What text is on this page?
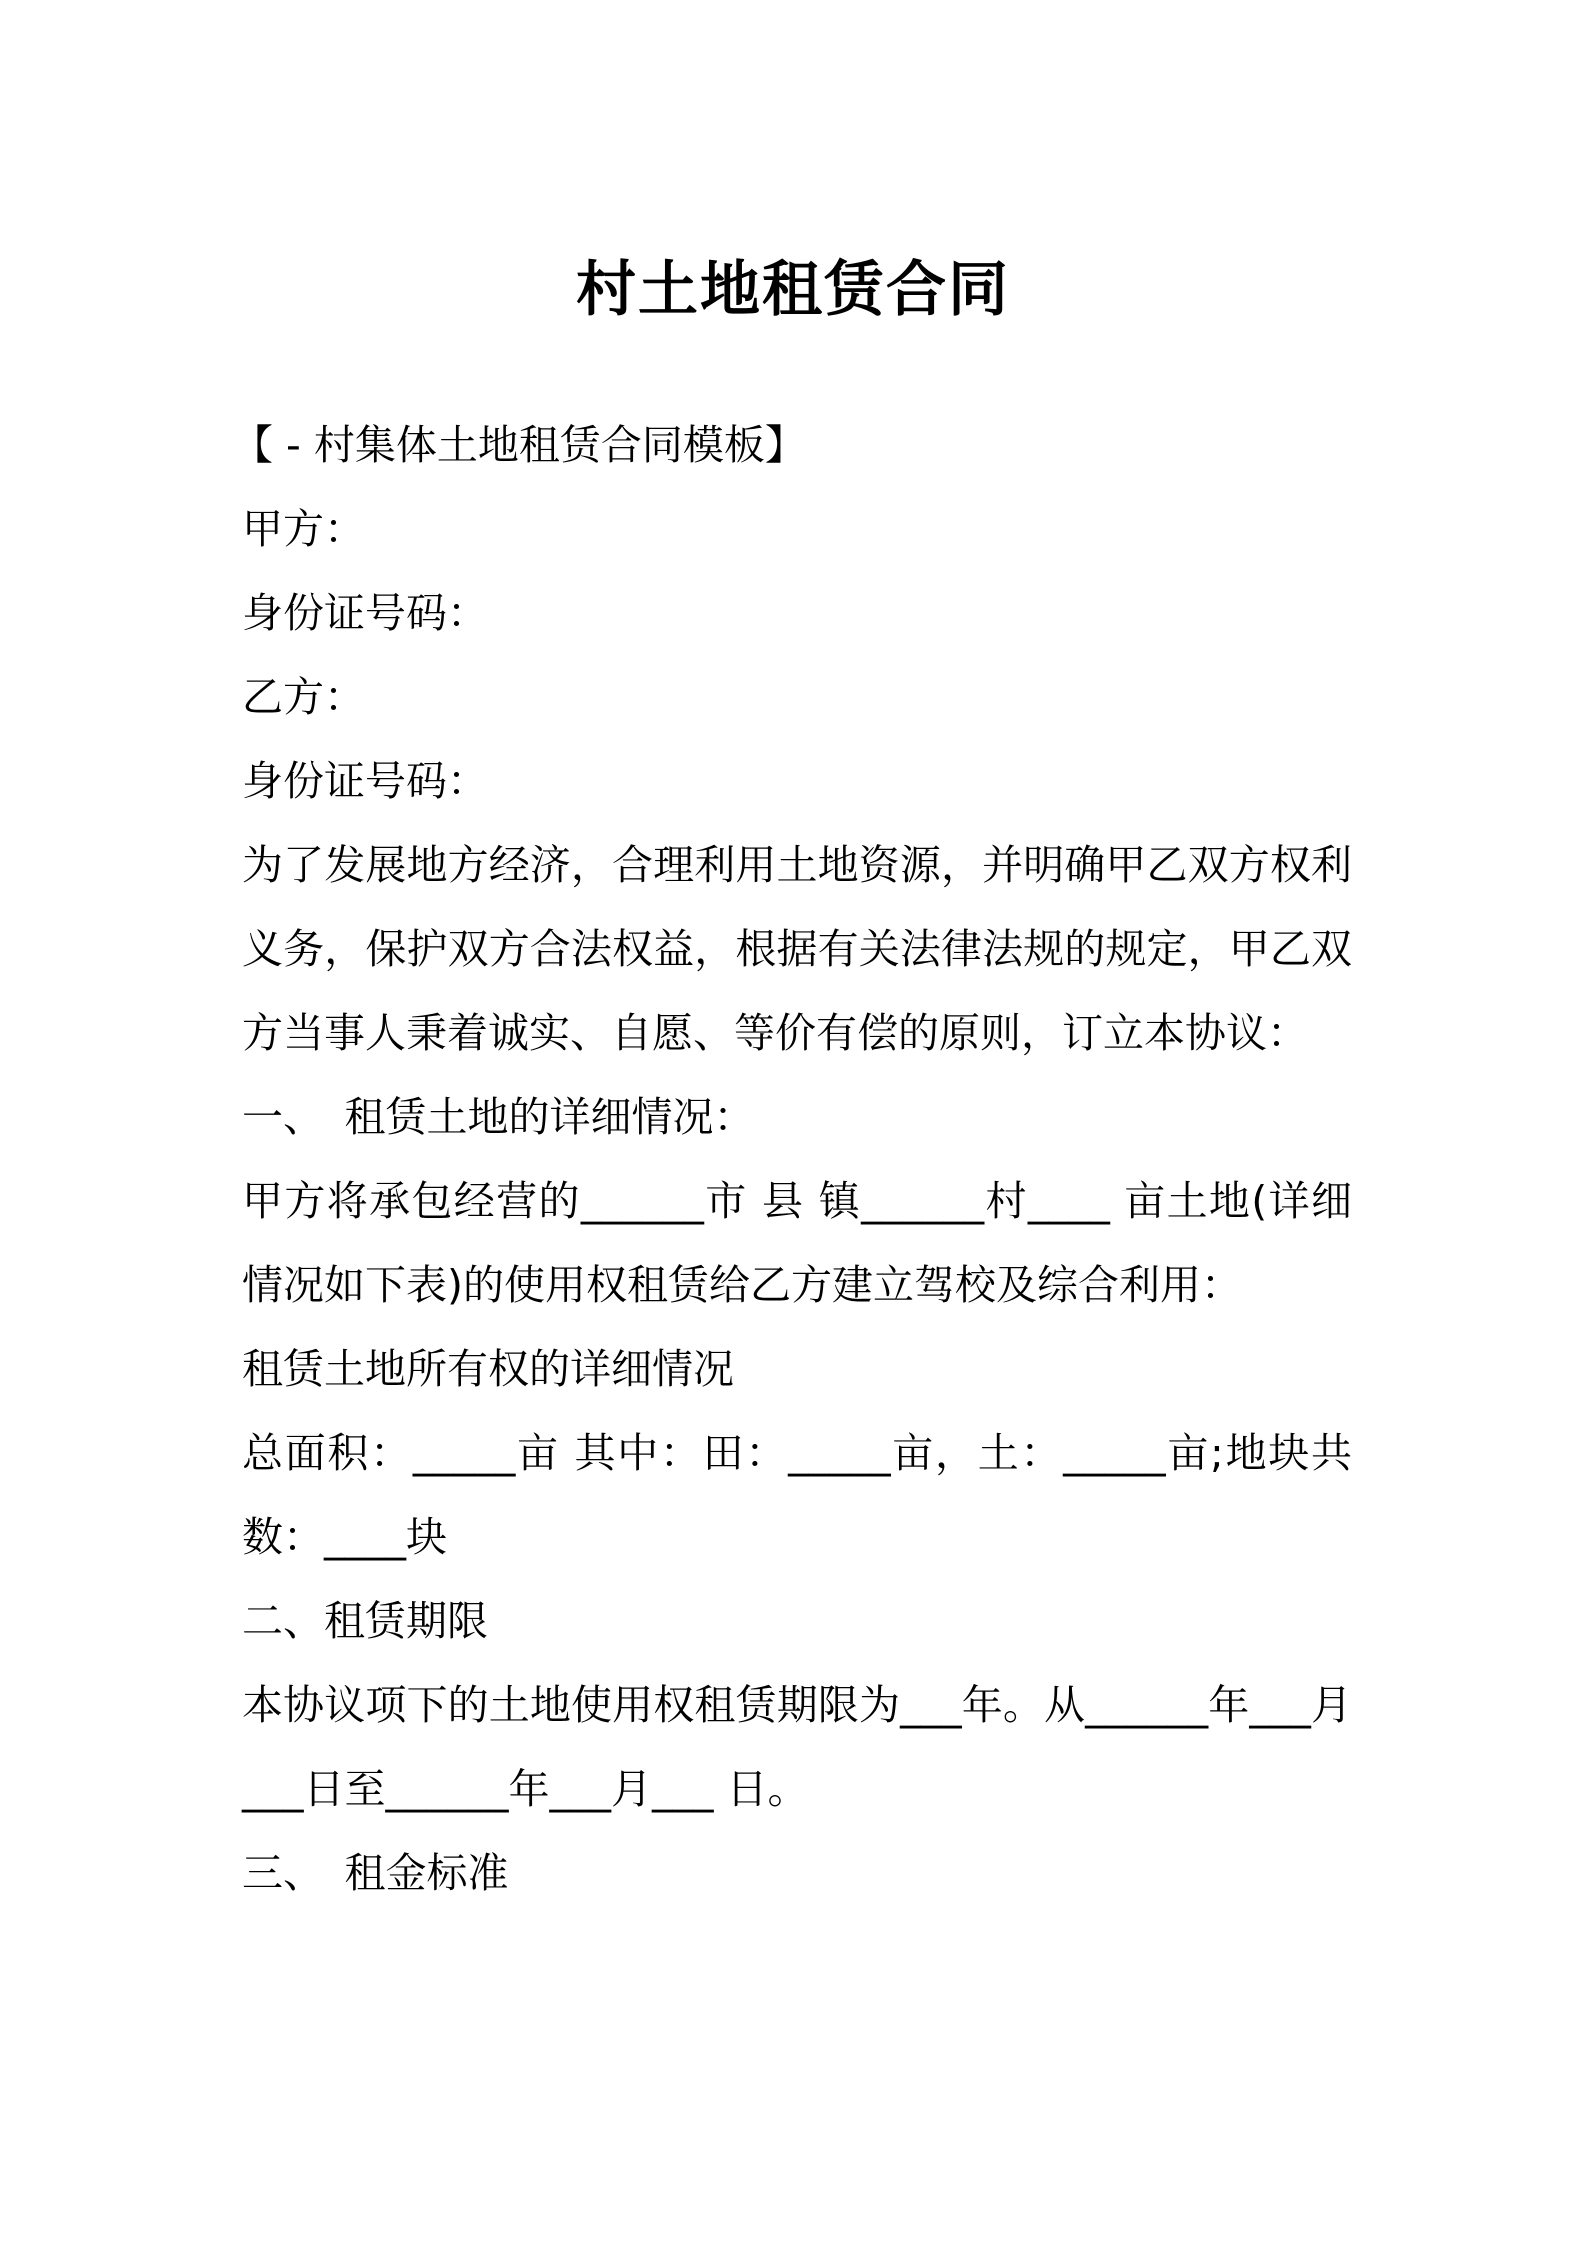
村土地租赁合同

【 - 村集体土地租赁合同模板】

甲方：

身份证号码：

乙方：

身份证号码：

为了发展地方经济，合理利用土地资源，并明确甲乙双方权利义务，保护双方合法权益，根据有关法律法规的规定，甲乙双方当事人秉着诚实、自愿、等价有偿的原则，订立本协议：

一、　租赁土地的详细情况：

甲方将承包经营的______市 县 镇______村____ 亩土地(详细情况如下表)的使用权租赁给乙方建立驾校及综合利用：

租赁土地所有权的详细情况

总面积：_____亩 其中：田：_____亩，土：_____亩;地块共数：____块

二、租赁期限

本协议项下的土地使用权租赁期限为___年。从______年___月___日至______年___月___ 日。

三、　租金标准
